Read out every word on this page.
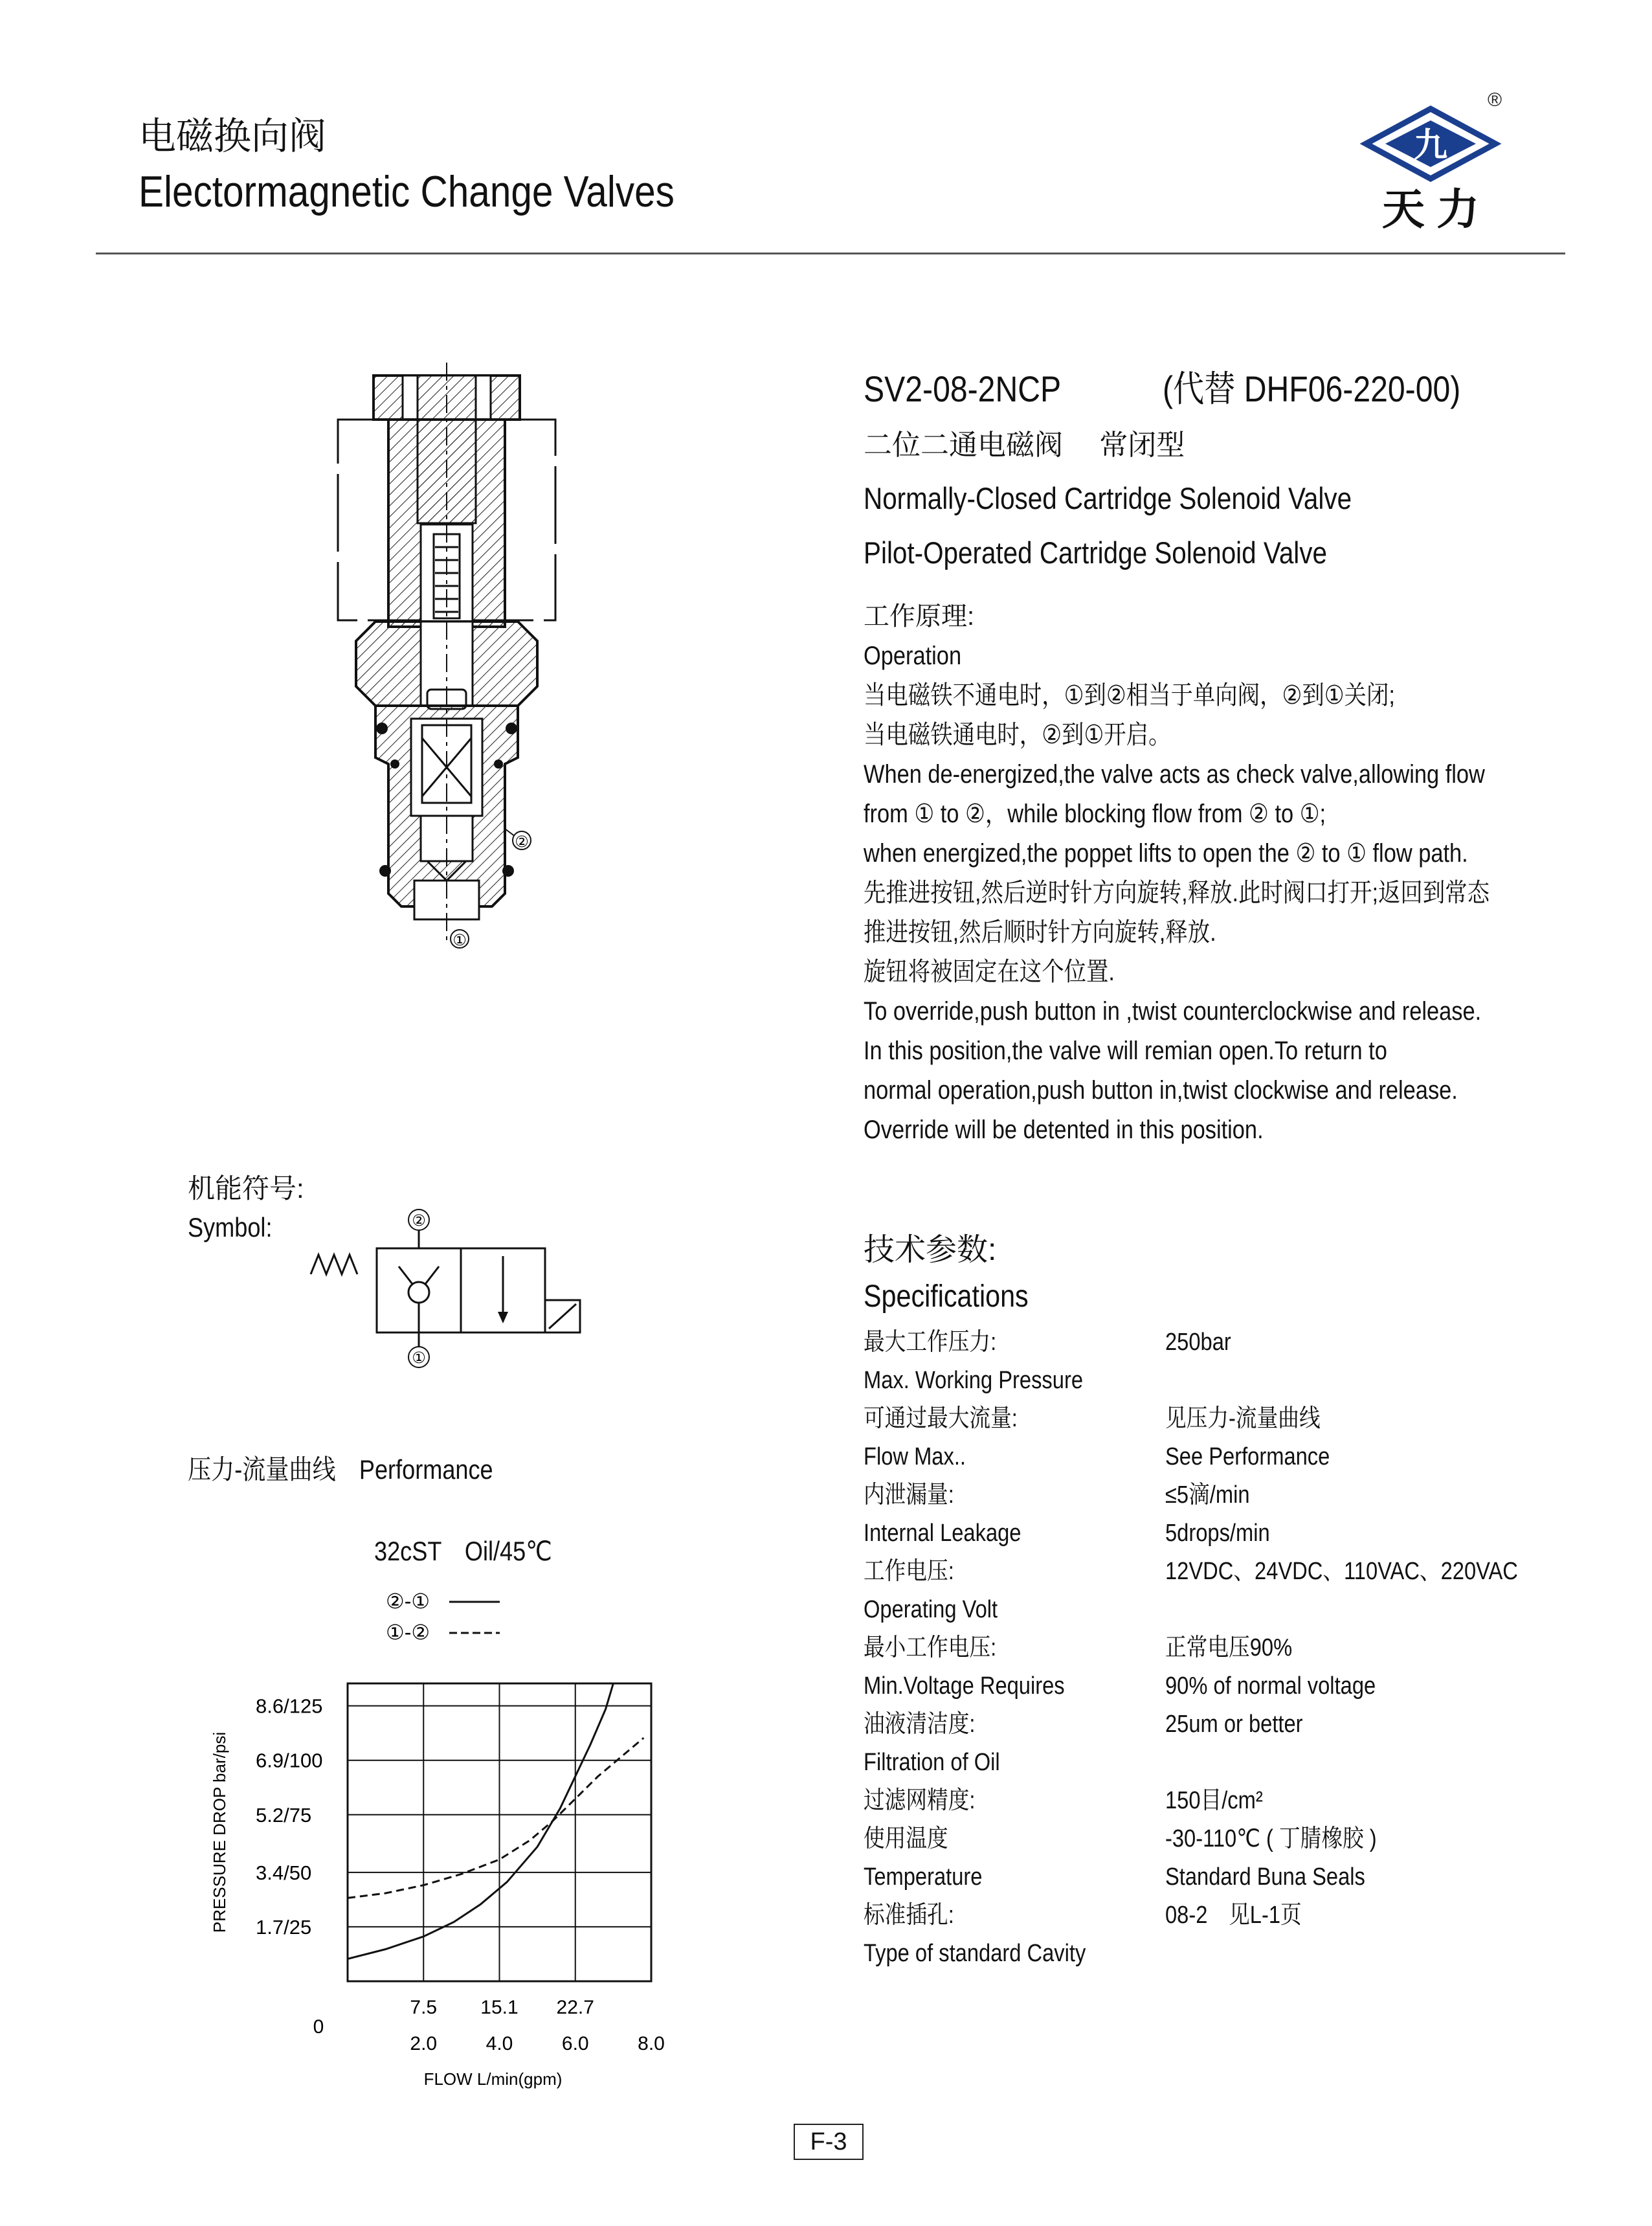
电磁换向阀
Electormagnetic Change Valves
九
®
天 力
②
①
SV2-08-2NCP	(代替 DHF06-220-00)
二位二通电磁阀　 常闭型
Normally-Closed Cartridge Solenoid Valve
Pilot-Operated Cartridge Solenoid Valve
工作原理:
Operation
当电磁铁不通电时，①到②相当于单向阀，②到①关闭;
当电磁铁通电时，②到①开启。
When de-energized,the valve acts as check valve,allowing flow
from ① to ②，while blocking flow from ② to ①;
when energized,the poppet lifts to open the ② to ① flow path.
先推进按钮,然后逆时针方向旋转,释放.此时阀口打开;返回到常态
推进按钮,然后顺时针方向旋转,释放.
旋钮将被固定在这个位置.
To override,push button in ,twist counterclockwise and release.
In this position,the valve will remian open.To return to
normal operation,push button in,twist clockwise and release.
Override will be detented in this position.
技术参数:
Specifications
最大工作压力:	250bar
Max. Working Pressure
可通过最大流量:	见压力-流量曲线
Flow Max..	See Performance
内泄漏量:	≤5滴/min
Internal Leakage	5drops/min
工作电压:	12VDC、24VDC、110VAC、220VAC
Operating Volt
最小工作电压:	正常电压90%
Min.Voltage Requires	90% of normal voltage
油液清洁度:	25um or better
Filtration of Oil
过滤网精度:	150目/cm²
使用温度	-30-110℃ ( 丁腈橡胶 )
Temperature	Standard Buna Seals
标准插孔:	08-2　见L-1页
Type of standard Cavity
机能符号:
Symbol:	②
①
压力-流量曲线　Performance
32cST　Oil/45℃
②-①
①-②
1.7/25
3.4/50
5.2/75
6.9/100
8.6/125
7.5 15.1 22.7
2.0	4.0	6.0	8.0
0
FLOW L/min(gpm)
PRESSURE DROP bar/psi
F-3
